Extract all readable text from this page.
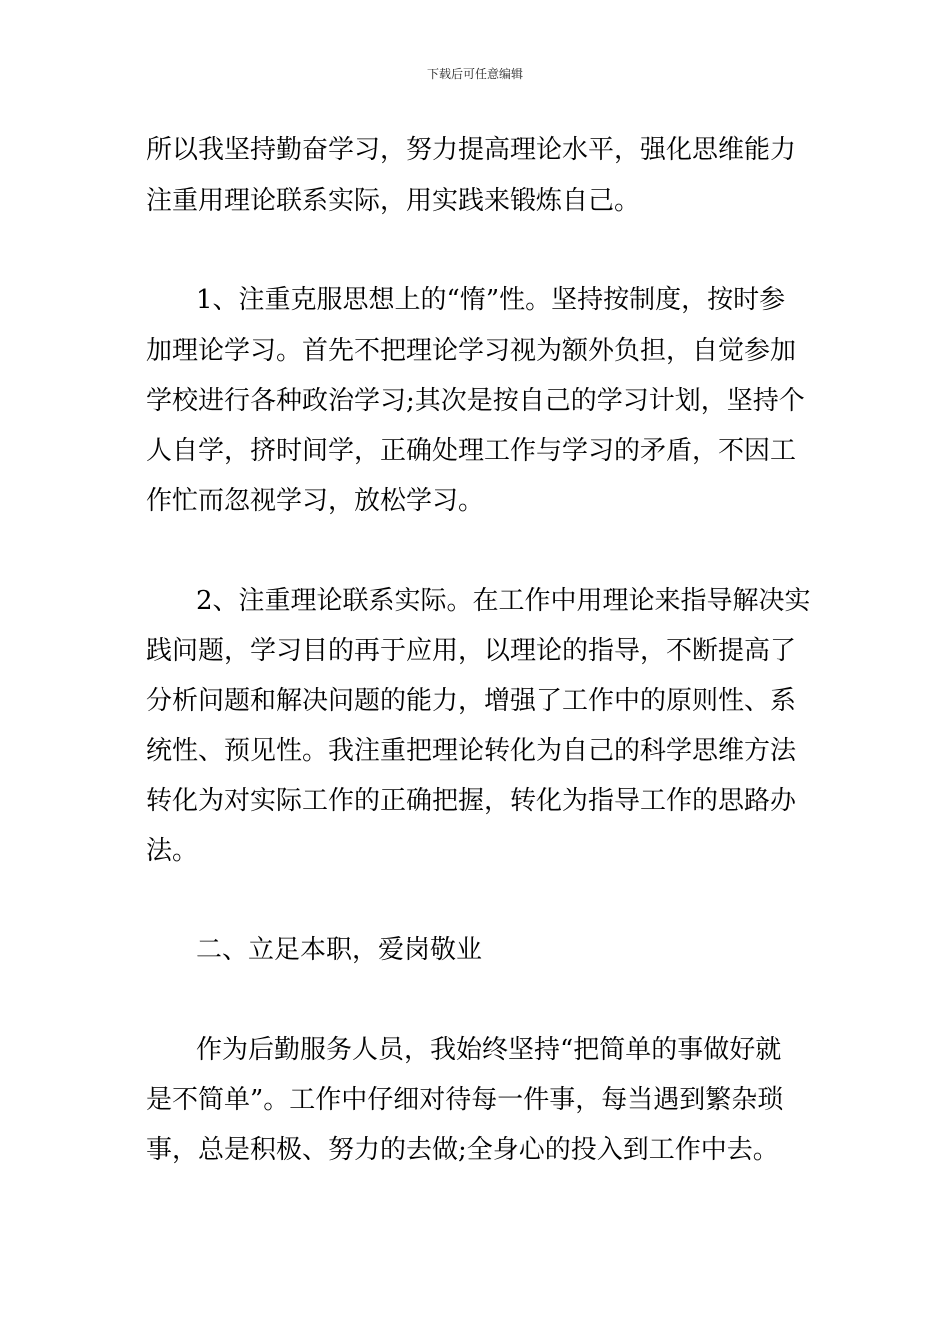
下载后可任意编辑
所以我坚持勤奋学习，努力提高理论水平，强化思维能力
注重用理论联系实际，用实践来锻炼自己。
1、注重克服思想上的“惰”性。坚持按制度，按时参
加理论学习。首先不把理论学习视为额外负担，自觉参加
学校进行各种政治学习;其次是按自己的学习计划，坚持个
人自学，挤时间学，正确处理工作与学习的矛盾，不因工
作忙而忽视学习，放松学习。
2、注重理论联系实际。在工作中用理论来指导解决实
践问题，学习目的再于应用，以理论的指导，不断提高了
分析问题和解决问题的能力，增强了工作中的原则性、系
统性、预见性。我注重把理论转化为自己的科学思维方法
转化为对实际工作的正确把握，转化为指导工作的思路办
法。
二、立足本职，爱岗敬业
作为后勤服务人员，我始终坚持“把简单的事做好就
是不简单”。工作中仔细对待每一件事，每当遇到繁杂琐
事，总是积极、努力的去做;全身心的投入到工作中去。
